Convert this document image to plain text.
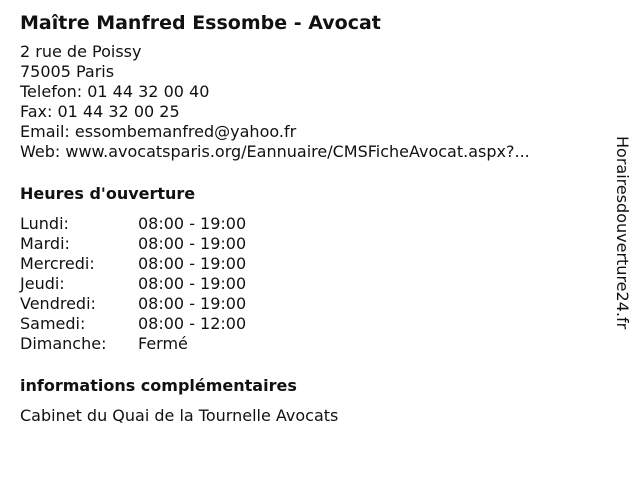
Maître Manfred Essombe - Avocat
2 rue de Poissy
75005 Paris
Telefon: 01 44 32 00 40
Fax: 01 44 32 00 25
Email: essombemanfred@yahoo.fr
Web: www.avocatsparis.org/Eannuaire/CMSFicheAvocat.aspx?...
Heures d'ouverture
Lundi:	08:00 - 19:00
Mardi:	08:00 - 19:00
Mercredi:	08:00 - 19:00
Jeudi:	08:00 - 19:00
Vendredi:	08:00 - 19:00
Samedi:	08:00 - 12:00
Dimanche:	Fermé
informations complémentaires
Cabinet du Quai de la Tournelle Avocats
Horairesdouverture24.fr
